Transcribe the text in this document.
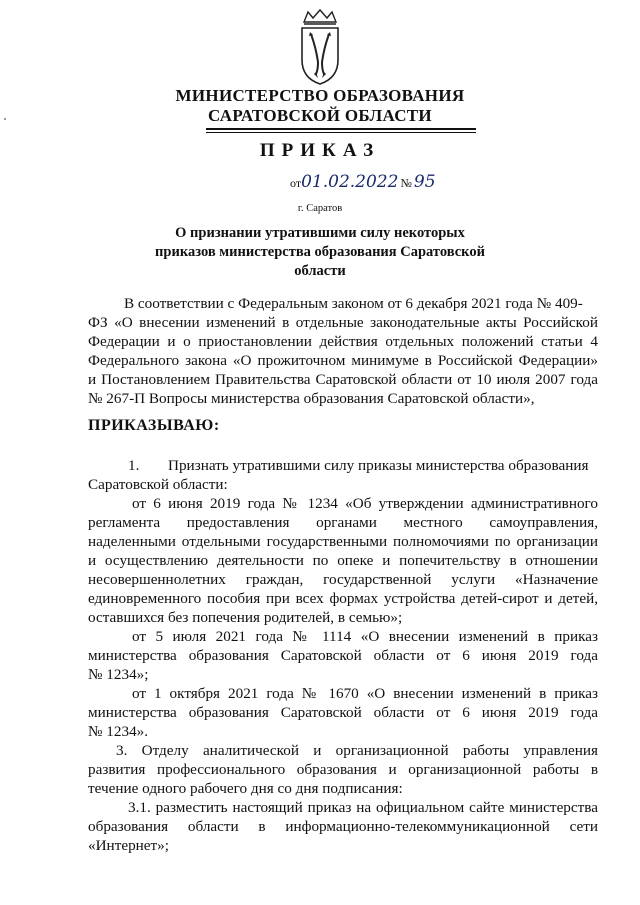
МИНИСТЕРСТВО ОБРАЗОВАНИЯ
САРАТОВСКОЙ ОБЛАСТИ
ПРИКАЗ
от01.02.2022 № 95
г. Саратов
О признании утратившими силу некоторых
приказов министерства образования Саратовской
области
В соответствии с Федеральным законом от 6 декабря 2021 года № 409-
ФЗ «О внесении изменений в отдельные законодательные акты Российской
Федерации и о приостановлении действия отдельных положений статьи 4
Федерального закона «О прожиточном минимуме в Российской Федерации»
и Постановлением Правительства Саратовской области от 10 июля 2007 года
№ 267-П Вопросы министерства образования Саратовской области»,
ПРИКАЗЫВАЮ:
1.	Признать утратившими силу приказы министерства образования
Саратовской области:
от 6 июня 2019 года № 1234 «Об утверждении административного
регламента предоставления органами местного самоуправления,
наделенными отдельными государственными полномочиями по организации
и осуществлению деятельности по опеке и попечительству в отношении
несовершеннолетних граждан, государственной услуги «Назначение
единовременного пособия при всех формах устройства детей-сирот и детей,
оставшихся без попечения родителей, в семью»;
от 5 июля 2021 года № 1114 «О внесении изменений в приказ
министерства образования Саратовской области от 6 июня 2019 года
№ 1234»;
от 1 октября 2021 года № 1670 «О внесении изменений в приказ
министерства образования Саратовской области от 6 июня 2019 года
№ 1234».
3. Отделу аналитической и организационной работы управления
развития профессионального образования и организационной работы в
течение одного рабочего дня со дня подписания:
3.1. разместить настоящий приказ на официальном сайте министерства
образования области в информационно-телекоммуникационной сети
«Интернет»;
